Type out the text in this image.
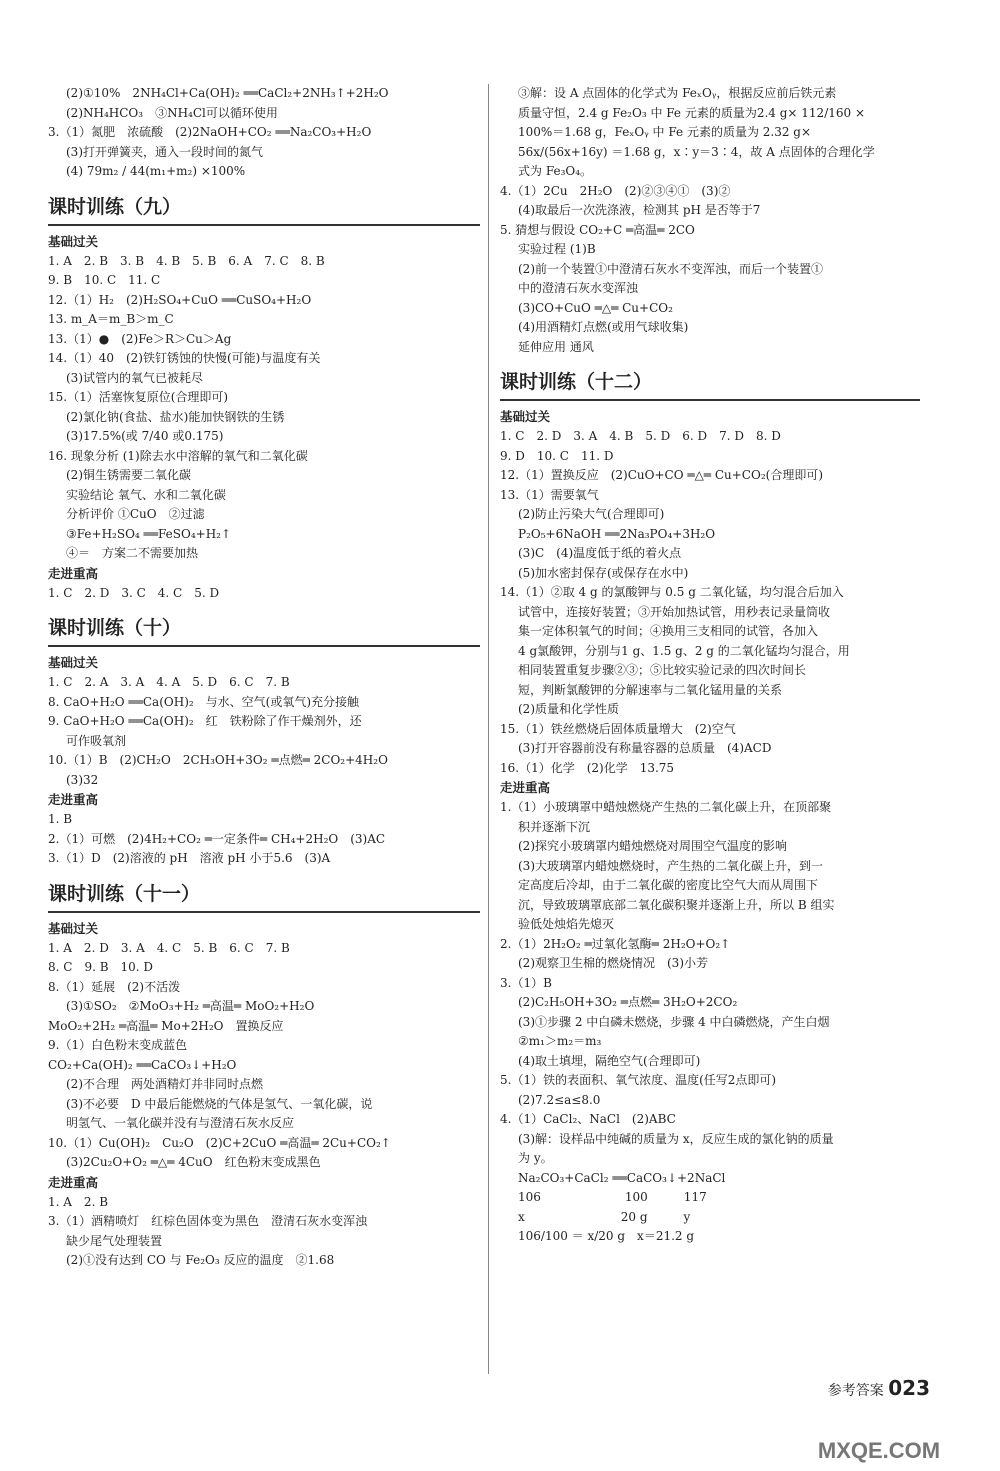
(2)①10%　2NH₄Cl+Ca(OH)₂ ══CaCl₂+2NH₃↑+2H₂O
(2)NH₄HCO₃　③NH₄Cl可以循环使用
3.（1）氮肥　浓硫酸　(2)2NaOH+CO₂ ══Na₂CO₃+H₂O
(3)打开弹簧夹，通入一段时间的氮气
(4) 79m₂ / 44(m₁+m₂) ×100%
课时训练（九）
基础过关
1. A　2. B　3. B　4. B　5. B　6. A　7. C　8. B
9. B　10. C　11. C
12.（1）H₂　(2)H₂SO₄+CuO ══CuSO₄+H₂O
13. m_A＝m_B＞m_C
13.（1）●　(2)Fe＞R＞Cu＞Ag
14.（1）40　(2)铁钉锈蚀的快慢(可能)与温度有关
(3)试管内的氧气已被耗尽
15.（1）活塞恢复原位(合理即可)
(2)氯化钠(食盐、盐水)能加快钢铁的生锈
(3)17.5%(或 7/40 或0.175)
16. 现象分析 (1)除去水中溶解的氧气和二氧化碳
(2)铜生锈需要二氧化碳
实验结论 氧气、水和二氧化碳
分析评价 ①CuO　②过滤
③Fe+H₂SO₄ ══FeSO₄+H₂↑
④＝　方案二不需要加热
走进重高
1. C　2. D　3. C　4. C　5. D
课时训练（十）
基础过关
1. C　2. A　3. A　4. A　5. D　6. C　7. B
8. CaO+H₂O ══Ca(OH)₂　与水、空气(或氧气)充分接触
9. CaO+H₂O ══Ca(OH)₂　红　铁粉除了作干燥剂外，还
可作吸氧剂
10.（1）B　(2)CH₂O　2CH₃OH+3O₂ ═点燃═ 2CO₂+4H₂O
(3)32
走进重高
1. B
2.（1）可燃　(2)4H₂+CO₂ ═一定条件═ CH₄+2H₂O　(3)AC
3.（1）D　(2)溶液的 pH　溶液 pH 小于5.6　(3)A
课时训练（十一）
基础过关
1. A　2. D　3. A　4. C　5. B　6. C　7. B
8. C　9. B　10. D
8.（1）延展　(2)不活泼
(3)①SO₂　②MoO₃+H₂ ═高温═ MoO₂+H₂O
MoO₂+2H₂ ═高温═ Mo+2H₂O　置换反应
9.（1）白色粉末变成蓝色
CO₂+Ca(OH)₂ ══CaCO₃↓+H₂O
(2)不合理　两处酒精灯并非同时点燃
(3)不必要　D 中最后能燃烧的气体是氢气、一氧化碳，说
明氢气、一氧化碳并没有与澄清石灰水反应
10.（1）Cu(OH)₂　Cu₂O　(2)C+2CuO ═高温═ 2Cu+CO₂↑
(3)2Cu₂O+O₂ ═△═ 4CuO　红色粉末变成黑色
走进重高
1. A　2. B
3.（1）酒精喷灯　红棕色固体变为黑色　澄清石灰水变浑浊
缺少尾气处理装置
(2)①没有达到 CO 与 Fe₂O₃ 反应的温度　②1.68
③解：设 A 点固体的化学式为 FeₓOᵧ，根据反应前后铁元素
质量守恒，2.4 g Fe₂O₃ 中 Fe 元素的质量为2.4 g× 112/160 ×
100%＝1.68 g，FeₓOᵧ 中 Fe 元素的质量为 2.32 g×
56x/(56x+16y) ＝1.68 g，x∶y＝3∶4，故 A 点固体的合理化学
式为 Fe₃O₄。
4.（1）2Cu　2H₂O　(2)②③④①　(3)②
(4)取最后一次洗涤液，检测其 pH 是否等于7
5. 猜想与假设 CO₂+C ═高温═ 2CO
实验过程 (1)B
(2)前一个装置①中澄清石灰水不变浑浊，而后一个装置①
中的澄清石灰水变浑浊
(3)CO+CuO ═△═ Cu+CO₂
(4)用酒精灯点燃(或用气球收集)
延伸应用 通风
课时训练（十二）
基础过关
1. C　2. D　3. A　4. B　5. D　6. D　7. D　8. D
9. D　10. C　11. D
12.（1）置换反应　(2)CuO+CO ═△═ Cu+CO₂(合理即可)
13.（1）需要氧气
(2)防止污染大气(合理即可)
P₂O₅+6NaOH ══2Na₃PO₄+3H₂O
(3)C　(4)温度低于纸的着火点
(5)加水密封保存(或保存在水中)
14.（1）②取 4 g 的氯酸钾与 0.5 g 二氧化锰，均匀混合后加入
试管中，连接好装置；③开始加热试管，用秒表记录量筒收
集一定体积氧气的时间；④换用三支相同的试管，各加入
4 g氯酸钾，分别与1 g、1.5 g、2 g 的二氧化锰均匀混合，用
相同装置重复步骤②③；⑤比较实验记录的四次时间长
短，判断氯酸钾的分解速率与二氧化锰用量的关系
(2)质量和化学性质
15.（1）铁丝燃烧后固体质量增大　(2)空气
(3)打开容器前没有称量容器的总质量　(4)ACD
16.（1）化学　(2)化学　13.75
走进重高
1.（1）小玻璃罩中蜡烛燃烧产生热的二氧化碳上升，在顶部聚
积并逐渐下沉
(2)探究小玻璃罩内蜡烛燃烧对周围空气温度的影响
(3)大玻璃罩内蜡烛燃烧时，产生热的二氧化碳上升，到一
定高度后冷却，由于二氧化碳的密度比空气大而从周围下
沉，导致玻璃罩底部二氧化碳积聚并逐渐上升，所以 B 组实
验低处烛焰先熄灭
2.（1）2H₂O₂ ═过氧化氢酶═ 2H₂O+O₂↑
(2)观察卫生棉的燃烧情况　(3)小芳
3.（1）B
(2)C₂H₅OH+3O₂ ═点燃═ 3H₂O+2CO₂
(3)①步骤 2 中白磷未燃烧，步骤 4 中白磷燃烧，产生白烟
②m₁＞m₂＝m₃
(4)取土填埋，隔绝空气(合理即可)
5.（1）铁的表面积、氧气浓度、温度(任写2点即可)
(2)7.2≤a≤8.0
4.（1）CaCl₂、NaCl　(2)ABC
(3)解：设样品中纯碱的质量为 x，反应生成的氯化钠的质量
为 y。
Na₂CO₃+CaCl₂ ══CaCO₃↓+2NaCl
106　　　　　　　100　　　117
x　　　　　　　　20 g　　　y
106/100 ＝ x/20 g　x＝21.2 g
参考答案 023
MXQE.COM
